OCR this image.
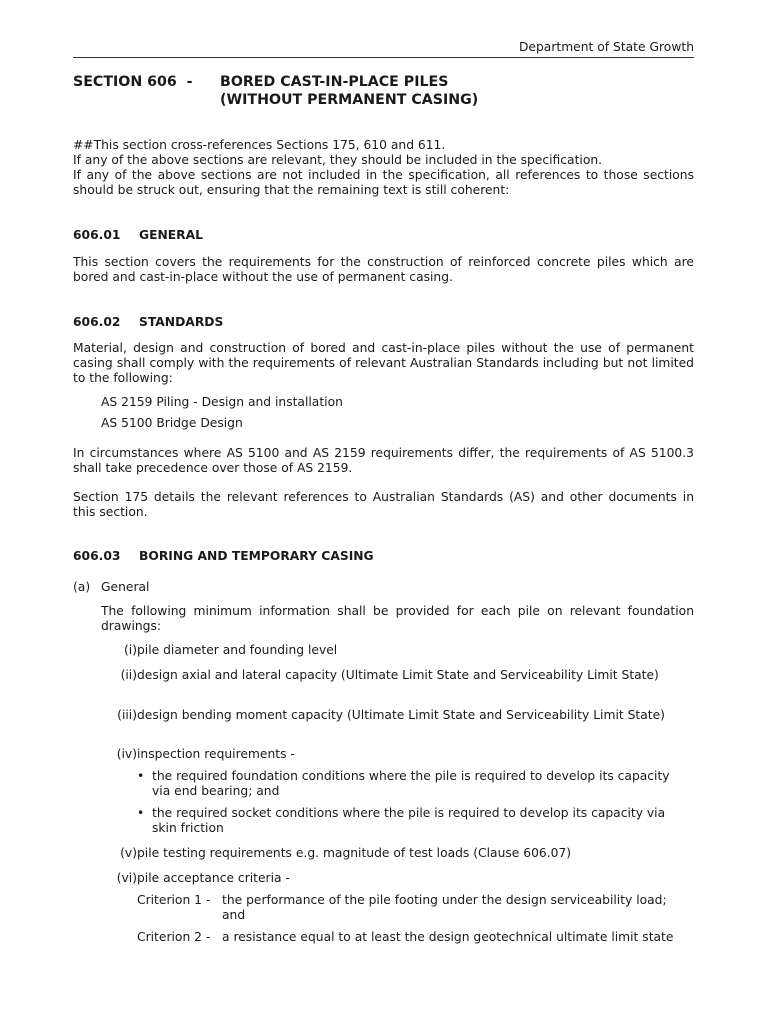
Department of State Growth
SECTION 606 - BORED CAST-IN-PLACE PILES
(WITHOUT PERMANENT CASING)

##This section cross-references Sections 175, 610 and 611.

If any of the above sections are relevant, they should be included in the specification.

If any of the above sections are not included in the specification, all references to those sections should be struck out, ensuring that the remaining text is still coherent:

606.01 GENERAL
This section covers the requirements for the construction of reinforced concrete piles which are bored and cast-in-place without the use of permanent casing.
606.02 STANDARDS
Material, design and construction of bored and cast-in-place piles without the use of permanent casing shall comply with the requirements of relevant Australian Standards including but not limited to the following:
AS 2159 Piling - Design and installation
AS 5100 Bridge Design
In circumstances where AS 5100 and AS 2159 requirements differ, the requirements of AS 5100.3 shall take precedence over those of AS 2159.
Section 175 details the relevant references to Australian Standards (AS) and other documents in this section.
606.03 BORING AND TEMPORARY CASING
(a) General
The following minimum information shall be provided for each pile on relevant foundation drawings:
(i) pile diameter and founding level
(ii) design axial and lateral capacity (Ultimate Limit State and Serviceability Limit State)
(iii) design bending moment capacity (Ultimate Limit State and Serviceability Limit State)
(iv) inspection requirements -
• the required foundation conditions where the pile is required to develop its capacity via end bearing; and
• the required socket conditions where the pile is required to develop its capacity via skin friction
(v) pile testing requirements e.g. magnitude of test loads (Clause 606.07)
(vi) pile acceptance criteria -
Criterion 1 - the performance of the pile footing under the design serviceability load; and
Criterion 2 - a resistance equal to at least the design geotechnical ultimate limit state
